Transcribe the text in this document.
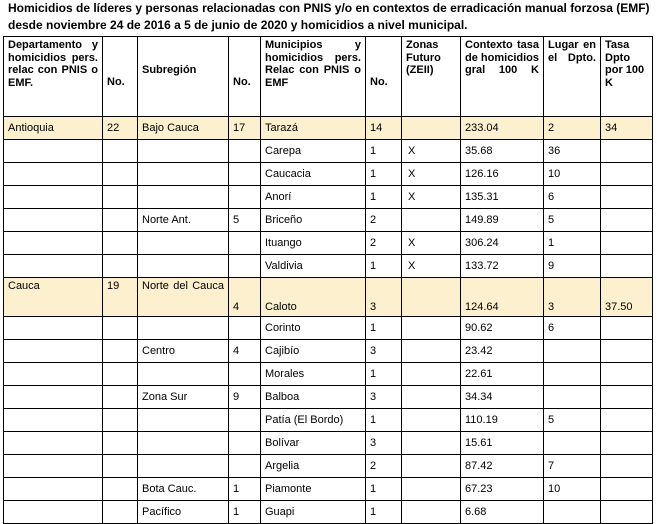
Homicidios de líderes y personas relacionadas con PNIS y/o en contextos de erradicación manual forzosa (EMF) desde noviembre 24 de 2016 a 5 de junio de 2020 y homicidios a nivel municipal.
Departamento y homicidios pers. relac con PNIS o EMF.	No.	Subregión	No.	Municipios y homicidios pers. Relac con PNIS o EMF	No.	Zonas Futuro (ZEII)	Contexto tasa de homicidios gral 100 K	Lugar en el Dpto.	Tasa Dpto por 100 K
Antioquia	22	Bajo Cauca	17	Tarazá	14		233.04	2	34
				Carepa	1	X	35.68	36	
				Caucacia	1	X	126.16	10	
				Anorí	1	X	135.31	6	
		Norte Ant.	5	Briceño	2		149.89	5	
				Ituango	2	X	306.24	1	
				Valdivia	1	X	133.72	9	
Cauca	19	Norte del Cauca	4	Caloto	3		124.64	3	37.50
				Corinto	1		90.62	6	
		Centro	4	Cajibío	3		23.42		
				Morales	1		22.61		
		Zona Sur	9	Balboa	3		34.34		
				Patía (El Bordo)	1		110.19	5	
				Bolívar	3		15.61		
				Argelia	2		87.42	7	
		Bota Cauc.	1	Piamonte	1		67.23	10	
		Pacífico	1	Guapi	1		6.68		
